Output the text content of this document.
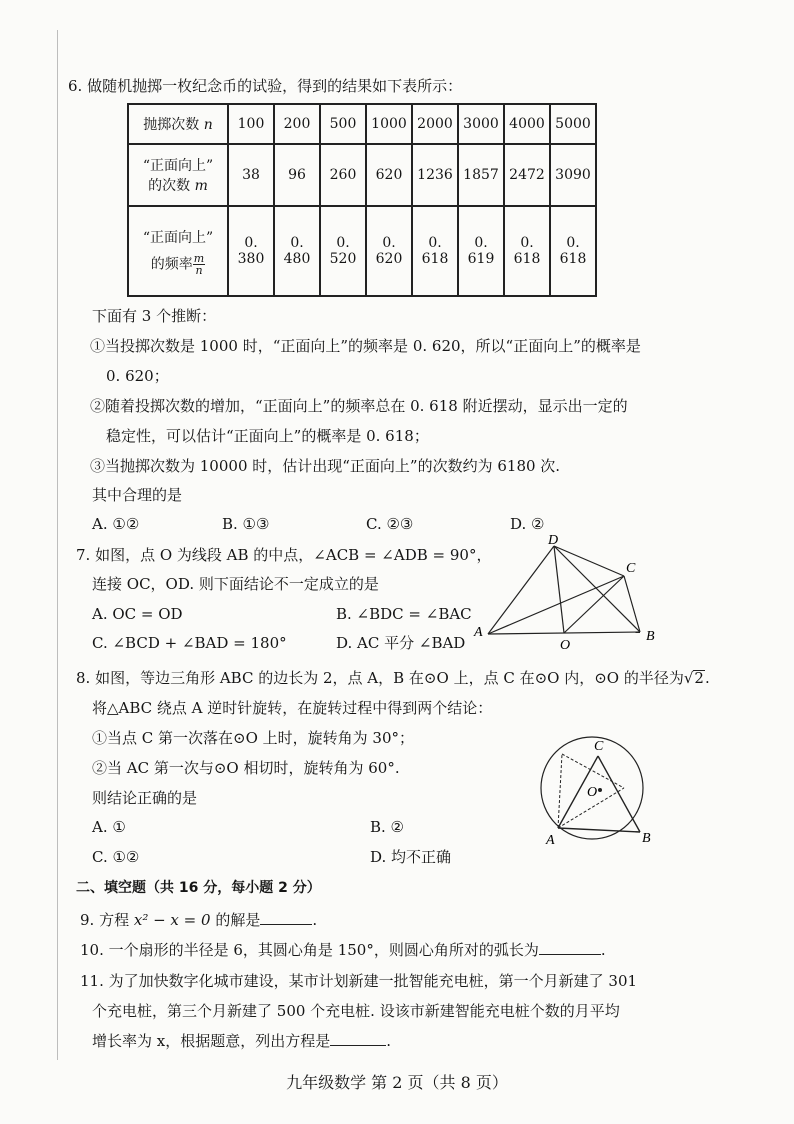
6. 做随机抛掷一枚纪念币的试验，得到的结果如下表所示：
抛掷次数 n	100	200	500	1000	2000	3000	4000	5000

“正面向上”
的次数 m	38	96	260	620	1236	1857	2472	3090

“正面向上”
的频率 $\frac{m}{n}$	0. 380	0. 480	0. 520	0. 620	0. 618	0. 619	0. 618	0. 618
下面有 3 个推断：
①当投掷次数是 1000 时，“正面向上”的频率是 0. 620，所以“正面向上”的概率是
0. 620；
②随着投掷次数的增加，“正面向上”的频率总在 0. 618 附近摆动，显示出一定的
稳定性，可以估计“正面向上”的概率是 0. 618；
③当抛掷次数为 10000 时，估计出现“正面向上”的次数约为 6180 次.
其中合理的是
A. ①②	B. ①③	C. ②③	D. ②
7. 如图，点 O 为线段 AB 的中点，∠ACB = ∠ADB = 90°，
连接 OC，OD. 则下面结论不一定成立的是
A. OC = OD	B. ∠BDC = ∠BAC
C. ∠BCD + ∠BAD = 180°	D. AC 平分 ∠BAD
A	B
C
D
O
8. 如图，等边三角形 ABC 的边长为 2，点 A，B 在⊙O 上，点 C 在⊙O 内，⊙O 的半径为√2.
将△ABC 绕点 A 逆时针旋转，在旋转过程中得到两个结论：
①当点 C 第一次落在⊙O 上时，旋转角为 30°；
②当 AC 第一次与⊙O 相切时，旋转角为 60°.
则结论正确的是
A. ①	B. ②
C. ①②	D. 均不正确
A	B
C
O
二、填空题（共 16 分，每小题 2 分）
9. 方程 x² − x = 0 的解是	.
10. 一个扇形的半径是 6，其圆心角是 150°，则圆心角所对的弧长为	.
11. 为了加快数字化城市建设，某市计划新建一批智能充电桩，第一个月新建了 301
个充电桩，第三个月新建了 500 个充电桩. 设该市新建智能充电桩个数的月平均
增长率为 x，根据题意，列出方程是	.
九年级数学 第 2 页（共 8 页）
